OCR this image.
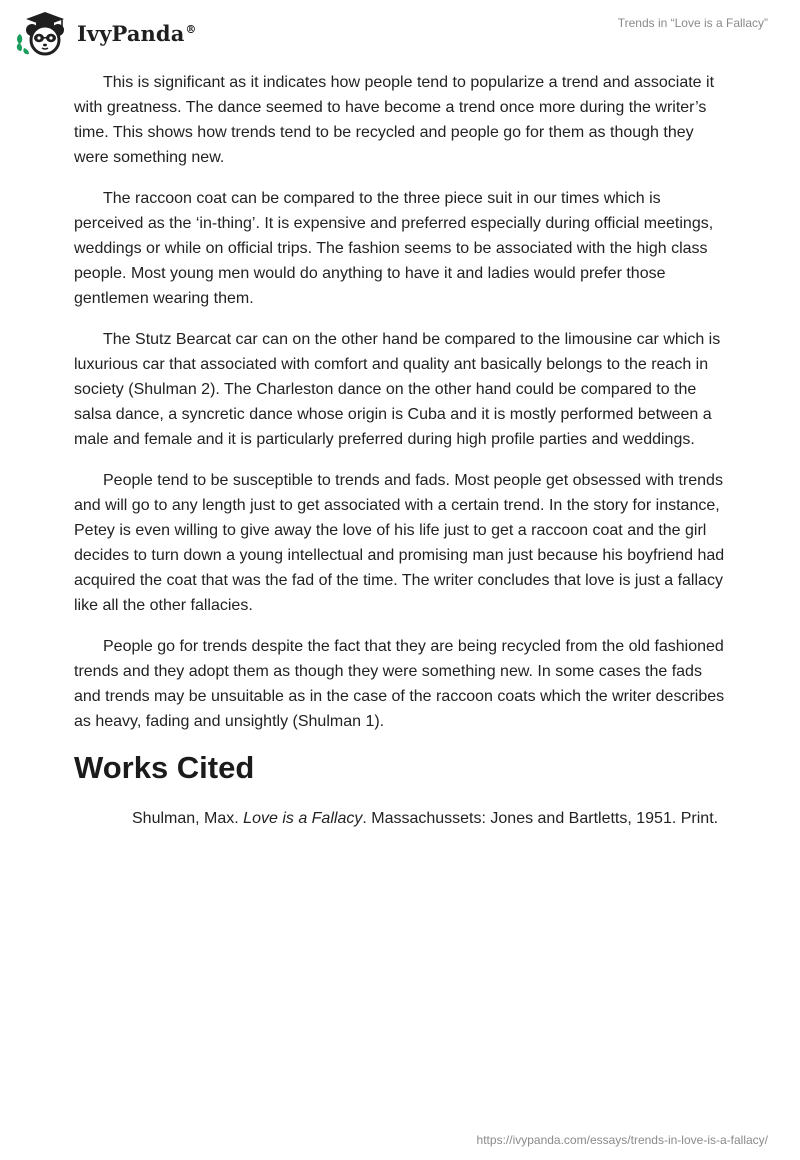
IvyPanda®	Trends in “Love is a Fallacy”

This is significant as it indicates how people tend to popularize a trend and associate it with greatness. The dance seemed to have become a trend once more during the writer’s time. This shows how trends tend to be recycled and people go for them as though they were something new.

The raccoon coat can be compared to the three piece suit in our times which is perceived as the ‘in-thing’. It is expensive and preferred especially during official meetings, weddings or while on official trips. The fashion seems to be associated with the high class people. Most young men would do anything to have it and ladies would prefer those gentlemen wearing them.

The Stutz Bearcat car can on the other hand be compared to the limousine car which is luxurious car that associated with comfort and quality ant basically belongs to the reach in society (Shulman 2). The Charleston dance on the other hand could be compared to the salsa dance, a syncretic dance whose origin is Cuba and it is mostly performed between a male and female and it is particularly preferred during high profile parties and weddings.

People tend to be susceptible to trends and fads. Most people get obsessed with trends and will go to any length just to get associated with a certain trend. In the story for instance, Petey is even willing to give away the love of his life just to get a raccoon coat and the girl decides to turn down a young intellectual and promising man just because his boyfriend had acquired the coat that was the fad of the time. The writer concludes that love is just a fallacy like all the other fallacies.

People go for trends despite the fact that they are being recycled from the old fashioned trends and they adopt them as though they were something new. In some cases the fads and trends may be unsuitable as in the case of the raccoon coats which the writer describes as heavy, fading and unsightly (Shulman 1).

Works Cited

Shulman, Max. Love is a Fallacy. Massachussets: Jones and Bartletts, 1951. Print.

https://ivypanda.com/essays/trends-in-love-is-a-fallacy/
